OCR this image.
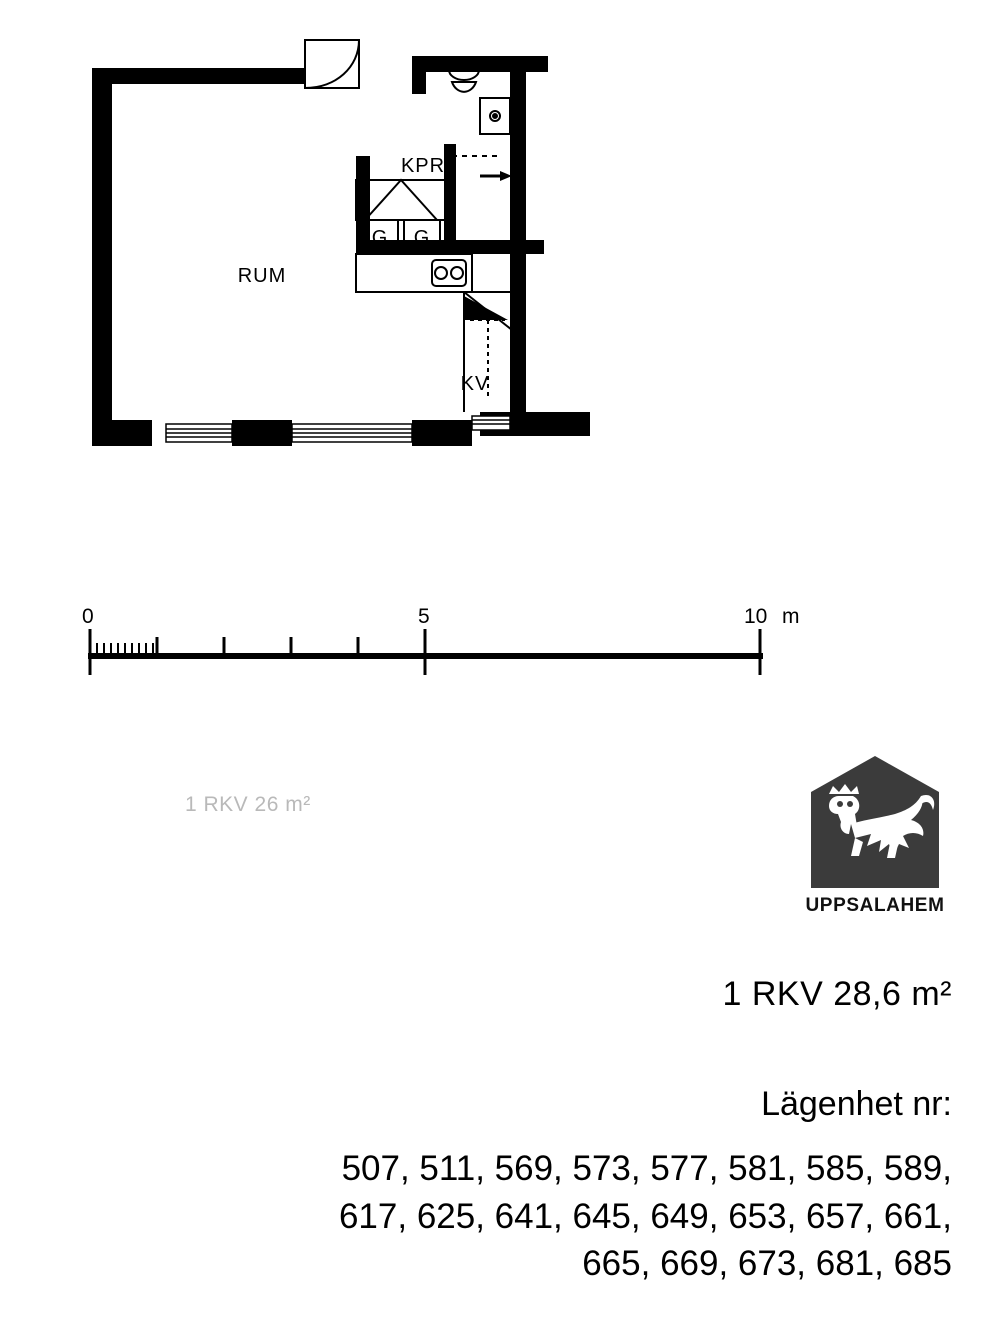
RUM
KPR
KV
G G
0	5	10 m
1 RKV 26 m²
UPPSALAHEM
1 RKV 28,6 m²
Lägenhet nr:
507, 511, 569, 573, 577, 581, 585, 589,
617, 625, 641, 645, 649, 653, 657, 661,
665, 669, 673, 681, 685
